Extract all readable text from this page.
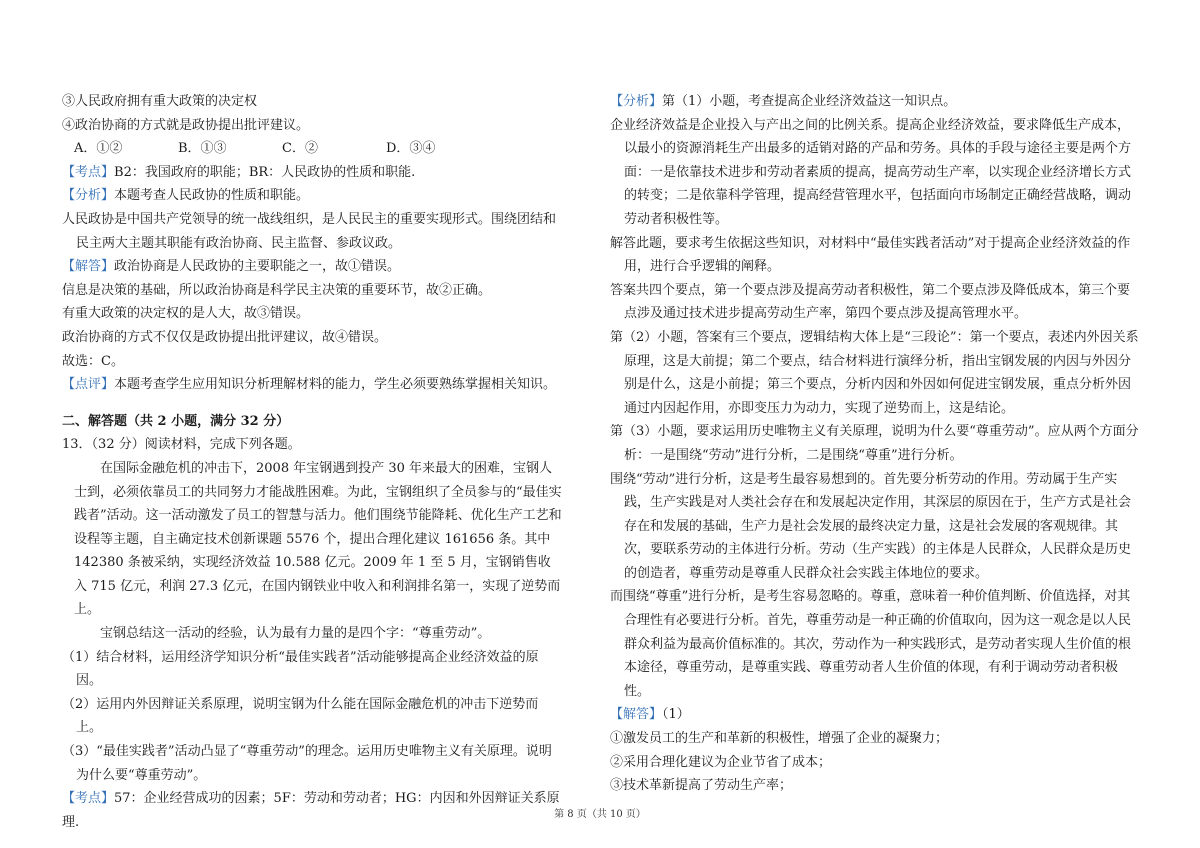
③人民政府拥有重大政策的决定权

④政治协商的方式就是政协提出批评建议。

A．①②	B．①③	C．②	D．③④

【考点】B2：我国政府的职能；BR：人民政协的性质和职能.

【分析】本题考查人民政协的性质和职能。

人民政协是中国共产党领导的统一战线组织，是人民民主的重要实现形式。围绕团结和民主两大主题其职能有政治协商、民主监督、参政议政。

【解答】政治协商是人民政协的主要职能之一，故①错误。

信息是决策的基础，所以政治协商是科学民主决策的重要环节，故②正确。

有重大政策的决定权的是人大，故③错误。

政治协商的方式不仅仅是政协提出批评建议，故④错误。

故选：C。

【点评】本题考查学生应用知识分析理解材料的能力，学生必须要熟练掌握相关知识。

二、解答题（共 2 小题，满分 32 分）

13．（32 分）阅读材料，完成下列各题。

在国际金融危机的冲击下，2008 年宝钢遇到投产 30 年来最大的困难，宝钢人士到，必须依靠员工的共同努力才能战胜困难。为此，宝钢组织了全员参与的“最佳实践者”活动。这一活动激发了员工的智慧与活力。他们围绕节能降耗、优化生产工艺和设程等主题，自主确定技术创新课题 5576 个，提出合理化建议 161656 条。其中 142380 条被采纳，实现经济效益 10.588 亿元。2009 年 1 至 5 月，宝钢销售收入 715 亿元，利润 27.3 亿元，在国内钢铁业中收入和利润排名第一，实现了逆势而上。

宝钢总结这一活动的经验，认为最有力量的是四个字：“尊重劳动”。

（1）结合材料，运用经济学知识分析“最佳实践者”活动能够提高企业经济效益的原因。

（2）运用内外因辩证关系原理，说明宝钢为什么能在国际金融危机的冲击下逆势而上。

（3）“最佳实践者”活动凸显了“尊重劳动”的理念。运用历史唯物主义有关原理。说明为什么要“尊重劳动”。

【考点】57：企业经营成功的因素；5F：劳动和劳动者；HG：内因和外因辩证关系原理.

【分析】第（1）小题，考查提高企业经济效益这一知识点。

企业经济效益是企业投入与产出之间的比例关系。提高企业经济效益，要求降低生产成本，以最小的资源消耗生产出最多的适销对路的产品和劳务。具体的手段与途径主要是两个方面：一是依靠技术进步和劳动者素质的提高，提高劳动生产率，以实现企业经济增长方式的转变；二是依靠科学管理，提高经营管理水平，包括面向市场制定正确经营战略，调动劳动者积极性等。

解答此题，要求考生依据这些知识，对材料中“最佳实践者活动”对于提高企业经济效益的作用，进行合乎逻辑的阐释。

答案共四个要点，第一个要点涉及提高劳动者积极性，第二个要点涉及降低成本，第三个要点涉及通过技术进步提高劳动生产率，第四个要点涉及提高管理水平。

第（2）小题，答案有三个要点，逻辑结构大体上是“三段论”：第一个要点，表述内外因关系原理，这是大前提；第二个要点，结合材料进行演绎分析，指出宝钢发展的内因与外因分别是什么，这是小前提；第三个要点，分析内因和外因如何促进宝钢发展，重点分析外因通过内因起作用，亦即变压力为动力，实现了逆势而上，这是结论。

第（3）小题，要求运用历史唯物主义有关原理，说明为什么要“尊重劳动”。应从两个方面分析：一是围绕“劳动”进行分析，二是围绕“尊重”进行分析。

围绕“劳动”进行分析，这是考生最容易想到的。首先要分析劳动的作用。劳动属于生产实践，生产实践是对人类社会存在和发展起决定作用，其深层的原因在于，生产方式是社会存在和发展的基础，生产力是社会发展的最终决定力量，这是社会发展的客观规律。其次，要联系劳动的主体进行分析。劳动（生产实践）的主体是人民群众，人民群众是历史的创造者，尊重劳动是尊重人民群众社会实践主体地位的要求。

而围绕“尊重”进行分析，是考生容易忽略的。尊重，意味着一种价值判断、价值选择，对其合理性有必要进行分析。首先，尊重劳动是一种正确的价值取向，因为这一观念是以人民群众利益为最高价值标准的。其次，劳动作为一种实践形式，是劳动者实现人生价值的根本途径，尊重劳动，是尊重实践、尊重劳动者人生价值的体现，有利于调动劳动者积极性。

【解答】（1）

①激发员工的生产和革新的积极性，增强了企业的凝聚力；

②采用合理化建议为企业节省了成本；

③技术革新提高了劳动生产率；

第 8 页（共 10 页）
